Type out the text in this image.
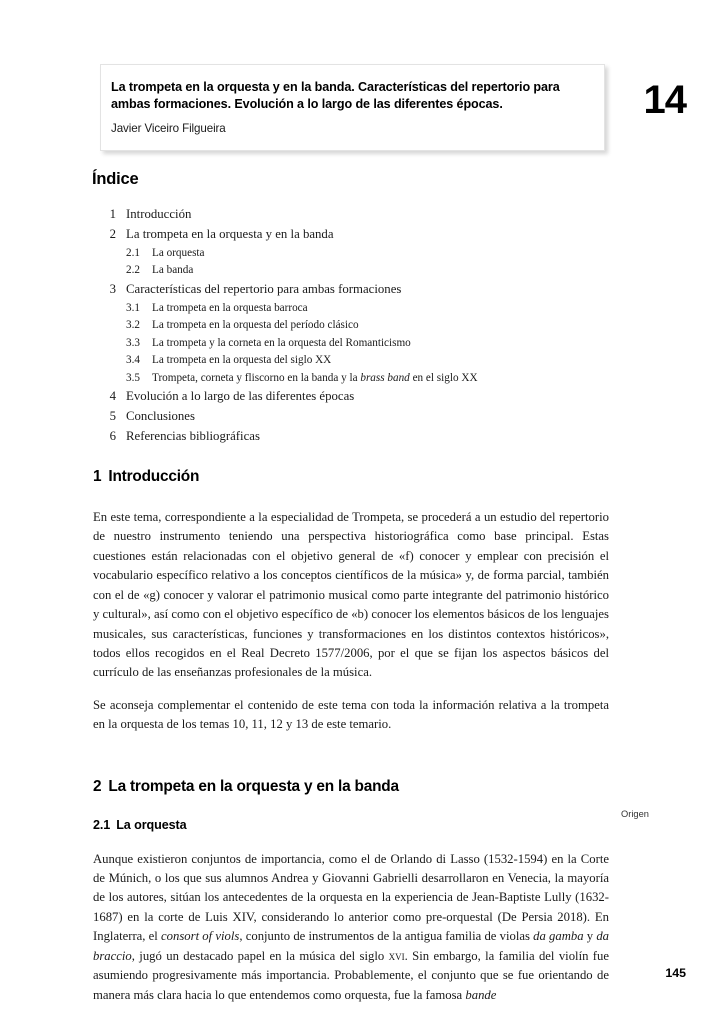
La trompeta en la orquesta y en la banda. Características del repertorio para ambas formaciones. Evolución a lo largo de las diferentes épocas.
Javier Viceiro Filgueira
14
Índice
1 Introducción
2 La trompeta en la orquesta y en la banda
2.1	La orquesta
2.2	La banda
3 Características del repertorio para ambas formaciones
3.1	La trompeta en la orquesta barroca
3.2	La trompeta en la orquesta del período clásico
3.3	La trompeta y la corneta en la orquesta del Romanticismo
3.4	La trompeta en la orquesta del siglo XX
3.5	Trompeta, corneta y fliscorno en la banda y la brass band en el siglo XX
4 Evolución a lo largo de las diferentes épocas
5 Conclusiones
6 Referencias bibliográficas
1 Introducción

En este tema, correspondiente a la especialidad de Trompeta, se procederá a un estudio del repertorio de nuestro instrumento teniendo una perspectiva historiográfica como base principal. Estas cuestiones están relacionadas con el objetivo general de «f) conocer y emplear con precisión el vocabulario específico relativo a los conceptos científicos de la música» y, de forma parcial, también con el de «g) conocer y valorar el patrimonio musical como parte integrante del patrimonio histórico y cultural», así como con el objetivo específico de «b) conocer los elementos básicos de los lenguajes musicales, sus características, funciones y transformaciones en los distintos contextos históricos», todos ellos recogidos en el Real Decreto 1577/2006, por el que se fijan los aspectos básicos del currículo de las enseñanzas profesionales de la música.

Se aconseja complementar el contenido de este tema con toda la información relativa a la trompeta en la orquesta de los temas 10, 11, 12 y 13 de este temario.

2 La trompeta en la orquesta y en la banda
2.1 La orquesta

Aunque existieron conjuntos de importancia, como el de Orlando di Lasso (1532-1594) en la Corte de Múnich, o los que sus alumnos Andrea y Giovanni Gabrielli desarrollaron en Venecia, la mayoría de los autores, sitúan los antecedentes de la orquesta en la experiencia de Jean-Baptiste Lully (1632-1687) en la corte de Luis XIV, considerando lo anterior como pre-orquestal (De Persia 2018). En Inglaterra, el consort of viols, conjunto de instrumentos de la antigua familia de violas da gamba y da braccio, jugó un destacado papel en la música del siglo xvi. Sin embargo, la familia del violín fue asumiendo progresivamente más importancia. Probablemente, el conjunto que se fue orientando de manera más clara hacia lo que entendemos como orquesta, fue la famosa bande

Origen
145
